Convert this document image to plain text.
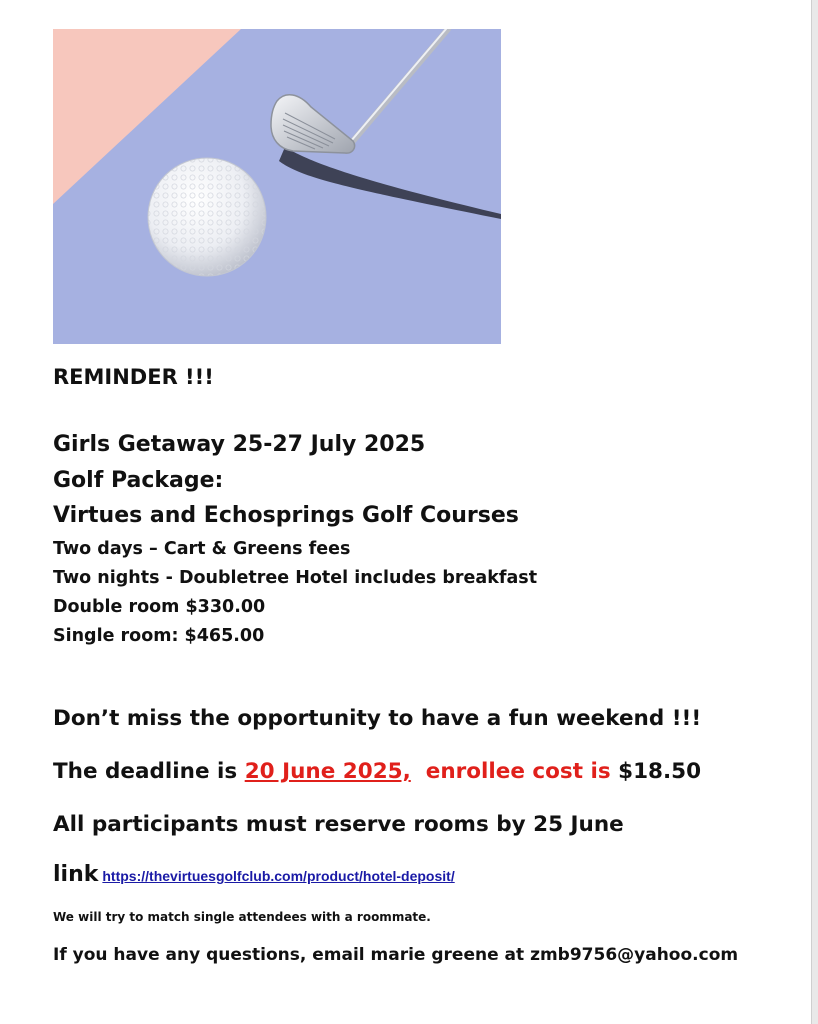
REMINDER !!!

Girls Getaway 25-27 July 2025

Golf Package:

Virtues and Echosprings Golf Courses

Two days – Cart & Greens fees

Two nights - Doubletree Hotel includes breakfast

Double room $330.00

Single room: $465.00

Don’t miss the opportunity to have a fun weekend !!!

The deadline is 20 June 2025,  enrollee cost is $18.50

All participants must reserve rooms by 25 June

link https://thevirtuesgolfclub.com/product/hotel-deposit/

We will try to match single attendees with a roommate.

If you have any questions, email marie greene at zmb9756@yahoo.com
